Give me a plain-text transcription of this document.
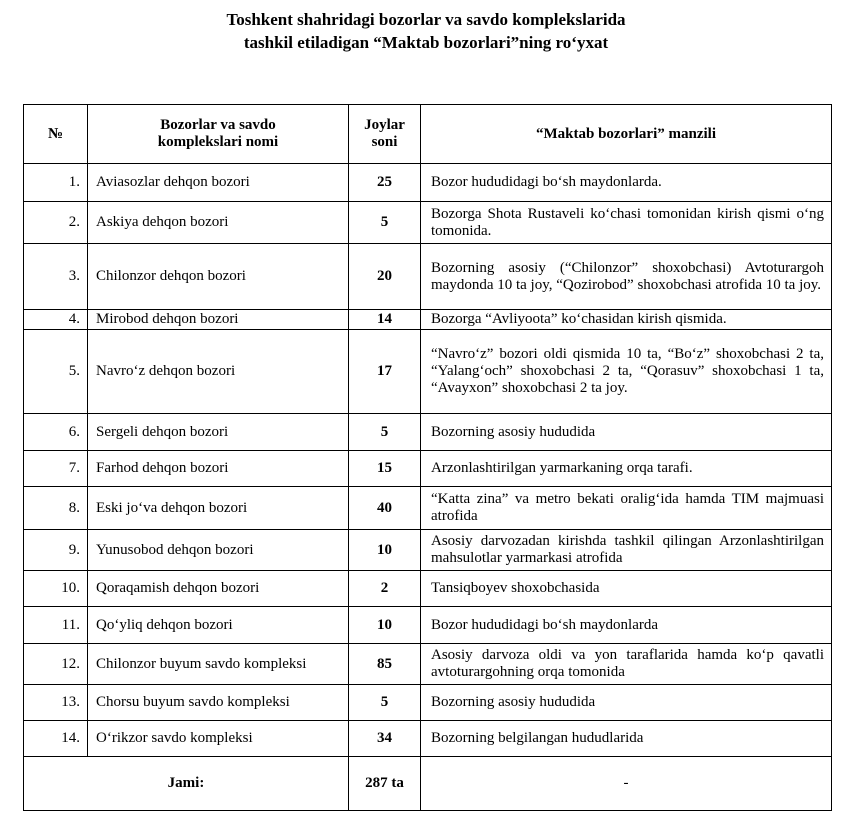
Toshkent shahridagi bozorlar va savdo komplekslarida
tashkil etiladigan “Maktab bozorlari”ning ro‘yxat
№	Bozorlar va savdo komplekslari nomi	Joylar soni	“Maktab bozorlari” manzili
1.	Aviasozlar dehqon bozori	25	Bozor hududidagi bo‘sh maydonlarda.
2.	Askiya dehqon bozori	5	Bozorga Shota Rustaveli ko‘chasi tomonidan kirish qismi o‘ng tomonida.
3.	Chilonzor dehqon bozori	20	Bozorning asosiy (“Chilonzor” shoxobchasi) Avtoturargoh maydonda 10 ta joy, “Qozirobod” shoxobchasi atrofida 10 ta joy.
4.	Mirobod dehqon bozori	14	Bozorga “Avliyoota” ko‘chasidan kirish qismida.
5.	Navro‘z dehqon bozori	17	“Navro‘z” bozori oldi qismida 10 ta, “Bo‘z” shoxobchasi 2 ta, “Yalang‘och” shoxobchasi 2 ta, “Qorasuv” shoxobchasi 1 ta, “Avayxon” shoxobchasi 2 ta joy.
6.	Sergeli dehqon bozori	5	Bozorning asosiy hududida
7.	Farhod dehqon bozori	15	Arzonlashtirilgan yarmarkaning orqa tarafi.
8.	Eski jo‘va dehqon bozori	40	“Katta zina” va metro bekati oralig‘ida hamda TIM majmuasi atrofida
9.	Yunusobod dehqon bozori	10	Asosiy darvozadan kirishda tashkil qilingan Arzonlashtirilgan mahsulotlar yarmarkasi atrofida
10.	Qoraqamish dehqon bozori	2	Tansiqboyev shoxobchasida
11.	Qo‘yliq dehqon bozori	10	Bozor hududidagi bo‘sh maydonlarda
12.	Chilonzor buyum savdo kompleksi	85	Asosiy darvoza oldi va yon taraflarida hamda ko‘p qavatli avtoturargohning orqa tomonida
13.	Chorsu buyum savdo kompleksi	5	Bozorning asosiy hududida
14.	O‘rikzor savdo kompleksi	34	Bozorning belgilangan hududlarida
Jami:		287 ta	-
